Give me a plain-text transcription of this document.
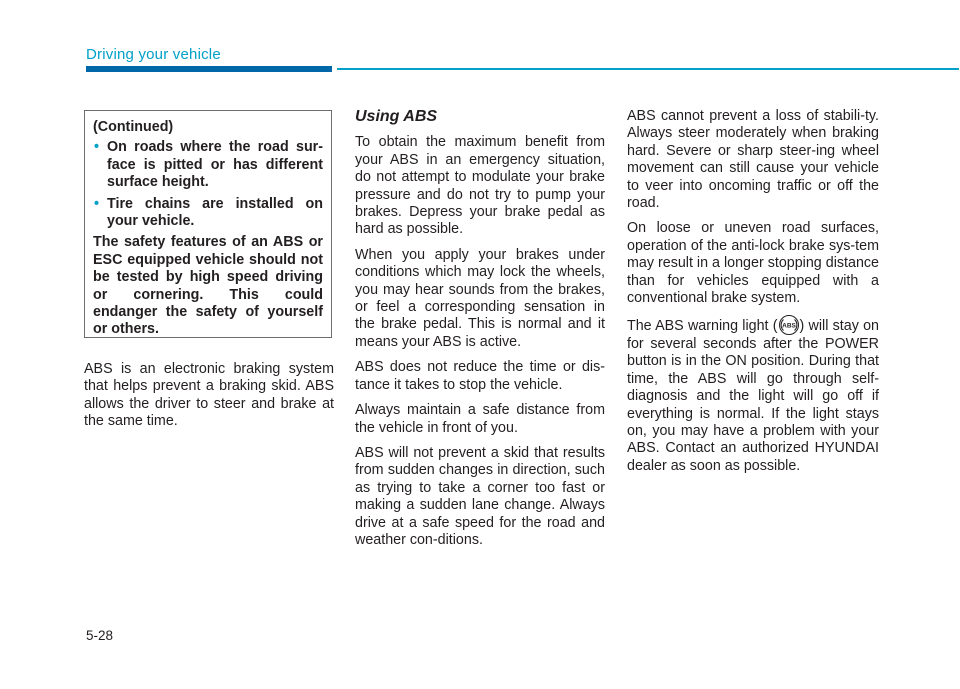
Driving your vehicle

(Continued)

• On roads where the road sur-face is pitted or has different surface height.
• Tire chains are installed on your vehicle.

The safety features of an ABS or ESC equipped vehicle should not be tested by high speed driving or cornering. This could endanger the safety of yourself or others.

ABS is an electronic braking system that helps prevent a braking skid. ABS allows the driver to steer and brake at the same time.

Using ABS

To obtain the maximum benefit from your ABS in an emergency situation, do not attempt to modulate your brake pressure and do not try to pump your brakes. Depress your brake pedal as hard as possible.

When you apply your brakes under conditions which may lock the wheels, you may hear sounds from the brakes, or feel a corresponding sensation in the brake pedal. This is normal and it means your ABS is active.

ABS does not reduce the time or dis-tance it takes to stop the vehicle.

Always maintain a safe distance from the vehicle in front of you.

ABS will not prevent a skid that results from sudden changes in direction, such as trying to take a corner too fast or making a sudden lane change. Always drive at a safe speed for the road and weather con-ditions.

ABS cannot prevent a loss of stabili-ty. Always steer moderately when braking hard. Severe or sharp steer-ing wheel movement can still cause your vehicle to veer into oncoming traffic or off the road.

On loose or uneven road surfaces, operation of the anti-lock brake sys-tem may result in a longer stopping distance than for vehicles equipped with a conventional brake system.

The ABS warning light ( ABS ) will stay on for several seconds after the POWER button is in the ON position. During that time, the ABS will go through self-diagnosis and the light will go off if everything is normal. If the light stays on, you may have a problem with your ABS. Contact an authorized HYUNDAI dealer as soon as possible.

5-28
